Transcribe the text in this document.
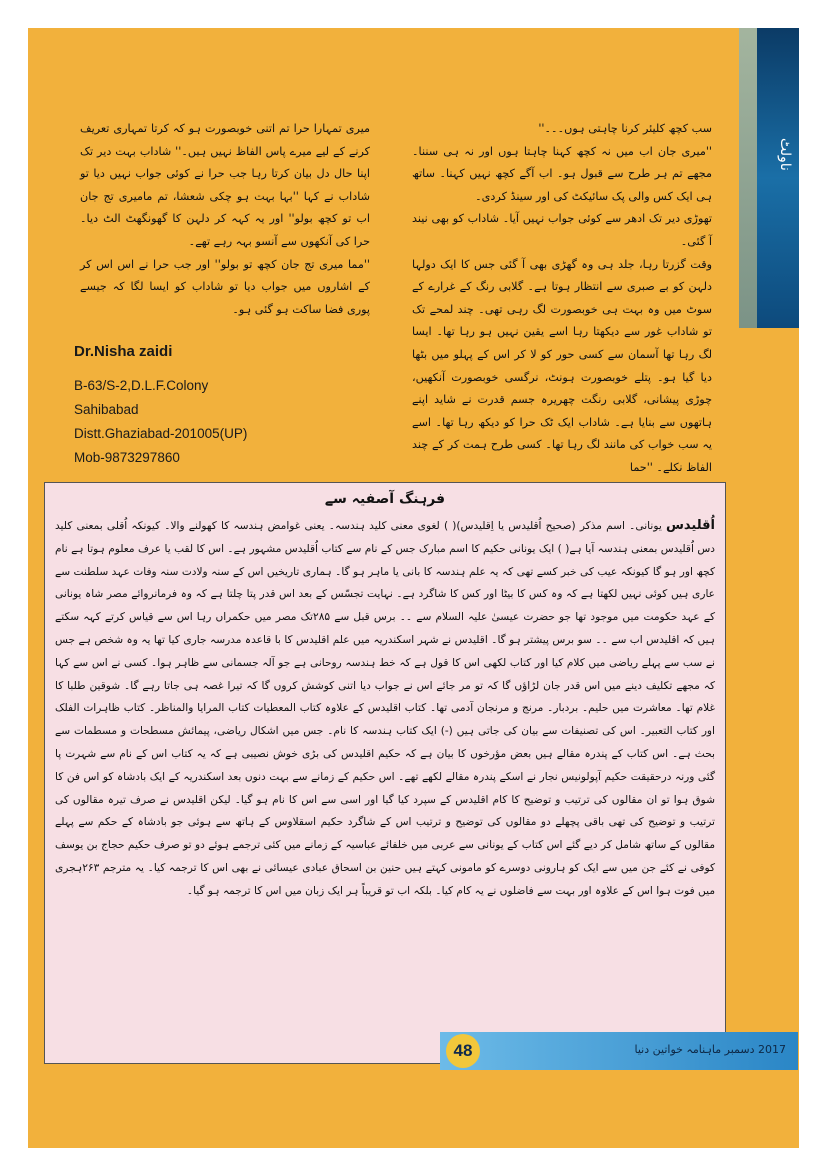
ناولٹ

سب کچھ کلیئر کرنا چاہتی ہوں۔۔۔''

''میری جان اب میں نہ کچھ کہنا چاہتا ہوں اور نہ ہی سننا۔ مجھے تم ہر طرح سے قبول ہو۔ اب آگے کچھ نہیں کہنا۔ ساتھ ہی ایک کس والی پک سائیکٹ کی اور سینڈ کردی۔

تھوڑی دیر تک ادھر سے کوئی جواب نہیں آیا۔ شاداب کو بھی نیند آ گئی۔

وقت گزرتا رہا، جلد ہی وہ گھڑی بھی آ گئی جس کا ایک دولہا دلہن کو بے صبری سے انتظار ہوتا ہے۔ گلابی رنگ کے غرارے کے سوٹ میں وہ بہت ہی خوبصورت لگ رہی تھی۔ چند لمحے تک تو شاداب غور سے دیکھتا رہا اسے یقین نہیں ہو رہا تھا۔ ایسا لگ رہا تھا آسمان سے کسی حور کو لا کر اس کے پہلو میں بٹھا دیا گیا ہو۔ پتلے خوبصورت ہونٹ، نرگسی خوبصورت آنکھیں، چوڑی پیشانی، گلابی رنگت چھریرہ جسم قدرت نے شاید اپنے ہاتھوں سے بنایا ہے۔ شاداب ایک ٹک حرا کو دیکھ رہا تھا۔ اسے یہ سب خواب کی مانند لگ رہا تھا۔ کسی طرح ہمت کر کے چند الفاظ نکلے۔ ''حما

میری تمہارا حرا تم اتنی خوبصورت ہو کہ کرتا تمہاری تعریف کرنے کے لیے میرے پاس الفاظ نہیں ہیں۔'' شاداب بہت دیر تک اپنا حال دل بیان کرتا رہا جب حرا نے کوئی جواب نہیں دیا تو شاداب نے کہا ''بہا بہت ہو چکی شعشا، تم مامیری تج جان اب تو کچھ بولو'' اور یہ کہہ کر دلہن کا گھونگھٹ الٹ دیا۔ حرا کی آنکھوں سے آنسو بہہ رہے تھے۔

''مما میری تج جان کچھ تو بولو'' اور جب حرا نے اس اس کر کے اشاروں میں جواب دیا تو شاداب کو ایسا لگا کہ جیسے پوری فضا ساکت ہو گئی ہو۔

Dr.Nisha zaidi
B-63/S-2,D.L.F.Colony
Sahibabad
Distt.Ghaziabad-201005(UP)
Mob-9873297860
فرہنگ آصفیہ سے
اُقلیدس یونانی۔ اسم مذکر (صحیح اُقلیدس یا اِقلیدس)( ) لغوی معنی کلید ہندسہ۔ یعنی غوامض ہندسہ کا کھولنے والا۔ کیونکہ اُقلی بمعنی کلید دس اُقلیدس بمعنی ہندسہ آیا ہے( ) ایک یونانی حکیم کا اسم مبارک جس کے نام سے کتاب اُقلیدس مشہور ہے۔ اس کا لقب یا عرف معلوم ہوتا ہے نام کچھ اور ہو گا کیونکہ عیب کی خبر کسے تھی کہ یہ علم ہندسہ کا بانی یا ماہر ہو گا۔ ہماری تاریخیں اس کے سنہ ولادت سنہ وفات عہد سلطنت سے عاری ہیں کوئی نہیں لکھتا ہے کہ وہ کس کا بیٹا اور کس کا شاگرد ہے۔ نہایت تجسّس کے بعد اس قدر پتا چلتا ہے کہ وہ فرمانروائے مصر شاہ یونانی کے عہد حکومت میں موجود تھا جو حضرت عیسیٰ علیہ السلام سے ۔۔ برس قبل سے ۲۸۵تک مصر میں حکمراں رہا اس سے قیاس کرتے کہہ سکتے ہیں کہ اقلیدس اب سے ۔۔ سو برس پیشتر ہو گا۔ اقلیدس نے شہر اسکندریہ میں علم اقلیدس کا با قاعدہ مدرسہ جاری کیا تھا یہ وہ شخص ہے جس نے سب سے پہلے ریاضی میں کلام کیا اور کتاب لکھی اس کا قول ہے کہ خط ہندسہ روحانی ہے جو آلہ جسمانی سے ظاہر ہوا۔ کسی نے اس سے کہا کہ مجھے تکلیف دینے میں اس قدر جان لڑاؤں گا کہ تو مر جائے اس نے جواب دیا اتنی کوشش کروں گا کہ تیرا غصہ ہی جاتا رہے گا۔ شوقین طلبا کا غلام تھا۔ معاشرت میں حلیم۔ بردبار۔ مرنج و مرنجان آدمی تھا۔ کتاب اقلیدس کے علاوہ کتاب المعطیات کتاب المرایا والمناظر۔ کتاب ظاہرات الفلک اور کتاب التعبیر۔ اس کی تصنیفات سے بیان کی جاتی ہیں (-) ایک کتاب ہندسہ کا نام۔ جس میں اشکال ریاضی، پیمائش مسطحات و مسطمات سے بحث ہے۔ اس کتاب کے پندرہ مقالے ہیں بعض مؤرخوں کا بیان ہے کہ حکیم اقلیدس کی بڑی خوش نصیبی ہے کہ یہ کتاب اس کے نام سے شہرت پا گئی ورنہ درحقیقت حکیم آپولونیس نجار نے اسکے پندرہ مقالے لکھے تھے۔ اس حکیم کے زمانے سے بہت دنوں بعد اسکندریہ کے ایک بادشاہ کو اس فن کا شوق ہوا تو ان مقالوں کی ترتیب و توضیح کا کام اقلیدس کے سپرد کیا گیا اور اسی سے اس کا نام ہو گیا۔ لیکن اقلیدس نے صرف تیرہ مقالوں کی ترتیب و توضیح کی تھی باقی پچھلے دو مقالوں کی توضیح و ترتیب اس کے شاگرد حکیم اسقلاوس کے ہاتھ سے ہوئی جو بادشاہ کے حکم سے پہلے مقالوں کے ساتھ شامل کر دیے گئے اس کتاب کے یونانی سے عربی میں خلفائے عباسیہ کے زمانے میں کئی ترجمے ہوئے دو تو صرف حکیم حجاج بن یوسف کوفی نے کئے جن میں سے ایک کو ہارونی دوسرے کو مامونی کہتے ہیں حنین بن اسحاق عبادی عیسائی نے بھی اس کا ترجمہ کیا۔ یہ مترجم ۲۶۳ہجری میں فوت ہوا اس کے علاوہ اور بہت سے فاضلوں نے یہ کام کیا۔ بلکہ اب تو قریباً ہر ایک زبان میں اس کا ترجمہ ہو گیا۔
48	2017 دسمبر ماہنامہ خواتین دنیا
